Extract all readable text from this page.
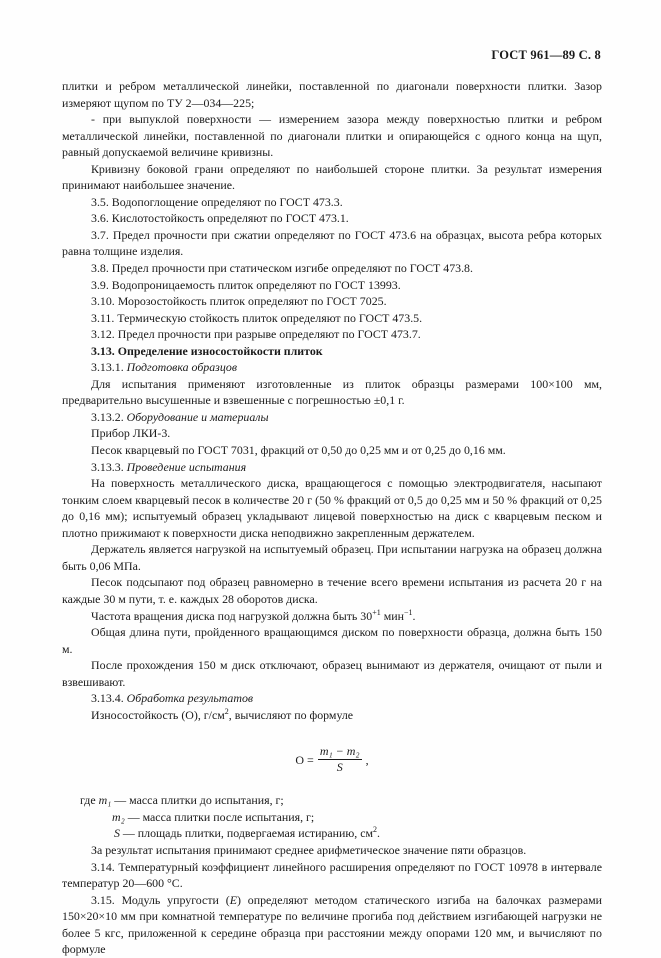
ГОСТ 961—89 С. 8

плитки и ребром металлической линейки, поставленной по диагонали поверхности плитки. Зазор измеряют щупом по ТУ 2—034—225;

- при выпуклой поверхности — измерением зазора между поверхностью плитки и ребром металлической линейки, поставленной по диагонали плитки и опирающейся с одного конца на щуп, равный допускаемой величине кривизны.

Кривизну боковой грани определяют по наибольшей стороне плитки. За результат измерения принимают наибольшее значение.

3.5. Водопоглощение определяют по ГОСТ 473.3.

3.6. Кислотостойкость определяют по ГОСТ 473.1.

3.7. Предел прочности при сжатии определяют по ГОСТ 473.6 на образцах, высота ребра которых равна толщине изделия.

3.8. Предел прочности при статическом изгибе определяют по ГОСТ 473.8.

3.9. Водопроницаемость плиток определяют по ГОСТ 13993.

3.10. Морозостойкость плиток определяют по ГОСТ 7025.

3.11. Термическую стойкость плиток определяют по ГОСТ 473.5.

3.12. Предел прочности при разрыве определяют по ГОСТ 473.7.

3.13. Определение износостойкости плиток

3.13.1. Подготовка образцов

Для испытания применяют изготовленные из плиток образцы размерами 100×100 мм, предварительно высушенные и взвешенные с погрешностью ±0,1 г.

3.13.2. Оборудование и материалы

Прибор ЛКИ-3.

Песок кварцевый по ГОСТ 7031, фракций от 0,50 до 0,25 мм и от 0,25 до 0,16 мм.

3.13.3. Проведение испытания

На поверхность металлического диска, вращающегося с помощью электродвигателя, насыпают тонким слоем кварцевый песок в количестве 20 г (50 % фракций от 0,5 до 0,25 мм и 50 % фракций от 0,25 до 0,16 мм); испытуемый образец укладывают лицевой поверхностью на диск с кварцевым песком и плотно прижимают к поверхности диска неподвижно закрепленным держателем.

Держатель является нагрузкой на испытуемый образец. При испытании нагрузка на образец должна быть 0,06 МПа.

Песок подсыпают под образец равномерно в течение всего времени испытания из расчета 20 г на каждые 30 м пути, т. е. каждых 28 оборотов диска.

Частота вращения диска под нагрузкой должна быть $30^{+1}$ мин$^{-1}$.

Общая длина пути, пройденного вращающимся диском по поверхности образца, должна быть 150 м.

После прохождения 150 м диск отключают, образец вынимают из держателя, очищают от пыли и взвешивают.

3.13.4. Обработка результатов

Износостойкость (О), $г/см^2$, вычисляют по формуле

$О = \frac{\text{m₁ − m₂}}{S}$ ,

где m₁ — масса плитки до испытания, г;

m₂ — масса плитки после испытания, г;

S — площадь плитки, подвергаемая истиранию, $см^2$.

За результат испытания принимают среднее арифметическое значение пяти образцов.

3.14. Температурный коэффициент линейного расширения определяют по ГОСТ 10978 в интервале температур 20—600 °С.

3.15. Модуль упругости (E) определяют методом статического изгиба на балочках размерами 150×20×10 мм при комнатной температуре по величине прогиба под действием изгибающей нагрузки не более 5 кгс, приложенной к середине образца при расстоянии между опорами 120 мм, и вычисляют по формуле
